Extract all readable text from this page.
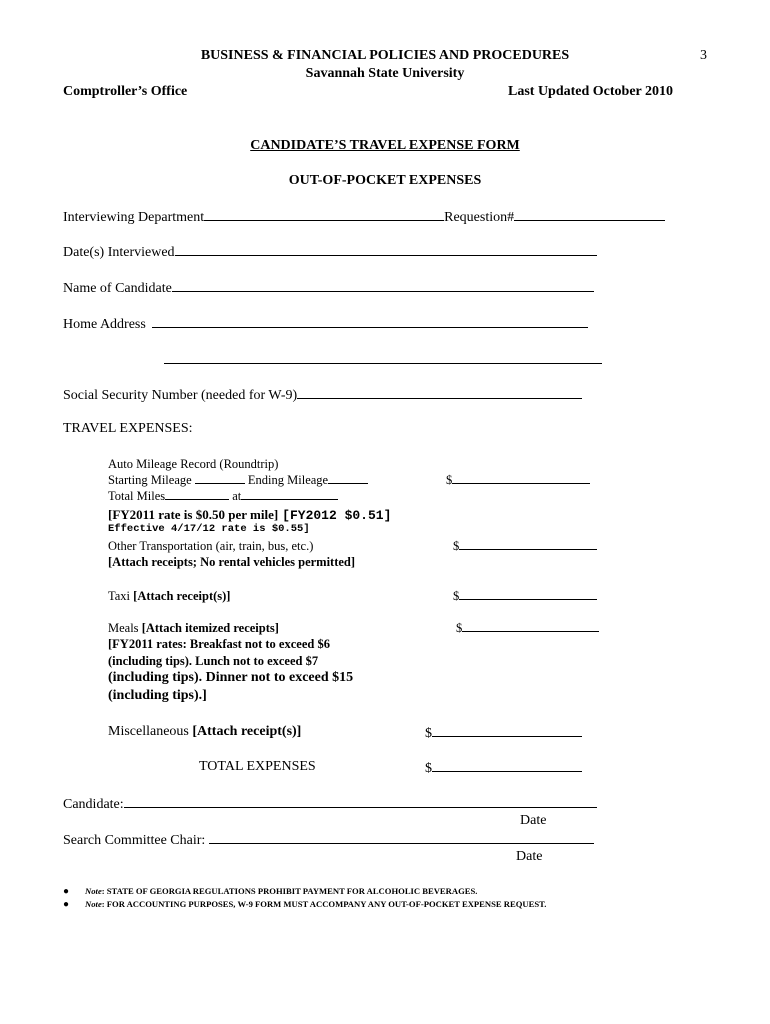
BUSINESS & FINANCIAL POLICIES AND PROCEDURES	3
Savannah State University
Comptroller’s Office	Last Updated October 2010
CANDIDATE’S TRAVEL EXPENSE FORM
OUT-OF-POCKET EXPENSES
Interviewing Department	Requestion#
Date(s) Interviewed
Name of Candidate
Home Address
Social Security Number (needed for W-9)
TRAVEL EXPENSES:
Auto Mileage Record (Roundtrip)
Starting Mileage	Ending Mileage	$
Total Miles	at
[FY2011 rate is $0.50 per mile] [FY2012 $0.51]
Effective 4/17/12 rate is $0.55]
Other Transportation (air, train, bus, etc.)	$
[Attach receipts; No rental vehicles permitted]
Taxi [Attach receipt(s)]	$
Meals [Attach itemized receipts]	$
[FY2011 rates: Breakfast not to exceed $6
(including tips). Lunch not to exceed $7
(including tips). Dinner not to exceed $15
(including tips).]
Miscellaneous [Attach receipt(s)]	$
TOTAL EXPENSES	$
Candidate:
Date
Search Committee Chair:
Date
● Note: STATE OF GEORGIA REGULATIONS PROHIBIT PAYMENT FOR ALCOHOLIC BEVERAGES.
● Note: FOR ACCOUNTING PURPOSES, W-9 FORM MUST ACCOMPANY ANY OUT-OF-POCKET EXPENSE REQUEST.
